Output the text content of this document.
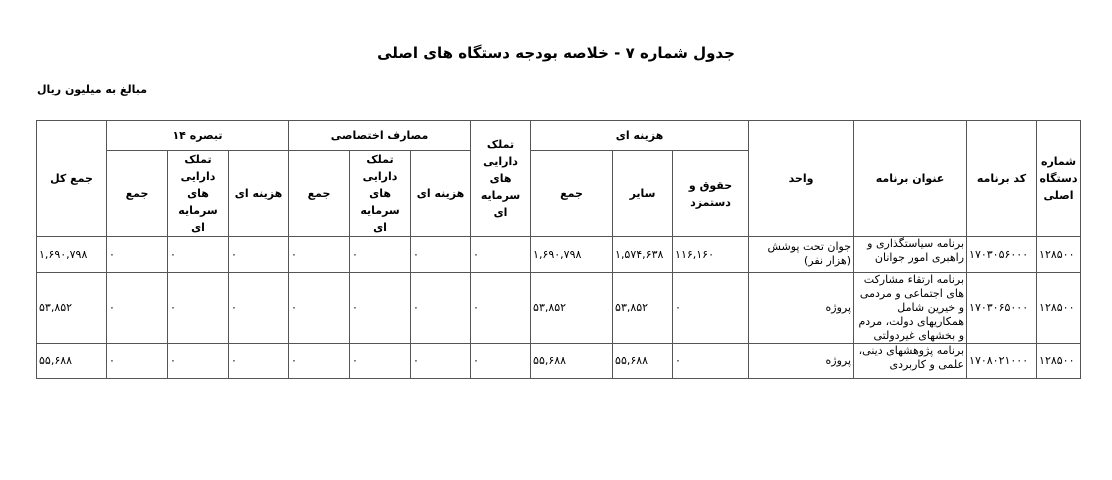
جدول شماره ۷ - خلاصه بودجه دستگاه های اصلی
مبالغ به میلیون ریال
شماره دستگاه اصلی	کد برنامه	عنوان برنامه	واحد	هزینه ای			تملک دارایی های سرمایه ای	مصارف اختصاصی			تبصره ۱۴			جمع کل
				حقوق و دستمزد	سایر	جمع		هزینه ای	تملک دارایی های سرمایه ای	جمع	هزینه ای	تملک دارایی های سرمایه ای	جمع	
۱۲۸۵۰۰	۱۷۰۳۰۵۶۰۰۰	برنامه سیاستگذاری و راهبری امور جوانان	جوان تحت پوشش (هزار نفر)	۱۱۶,۱۶۰	۱,۵۷۴,۶۳۸	۱,۶۹۰,۷۹۸	۰	۰	۰	۰	۰	۰	۰	۱,۶۹۰,۷۹۸
۱۲۸۵۰۰	۱۷۰۳۰۶۵۰۰۰	برنامه ارتقاء مشارکت های اجتماعی و مردمی و خیرین شامل همکاریهای دولت، مردم و بخشهای غیردولتی	پروژه	۰	۵۳,۸۵۲	۵۳,۸۵۲	۰	۰	۰	۰	۰	۰	۰	۵۳,۸۵۲
۱۲۸۵۰۰	۱۷۰۸۰۲۱۰۰۰	برنامه پژوهشهای دینی، علمی و کاربردی	پروژه	۰	۵۵,۶۸۸	۵۵,۶۸۸	۰	۰	۰	۰	۰	۰	۰	۵۵,۶۸۸
